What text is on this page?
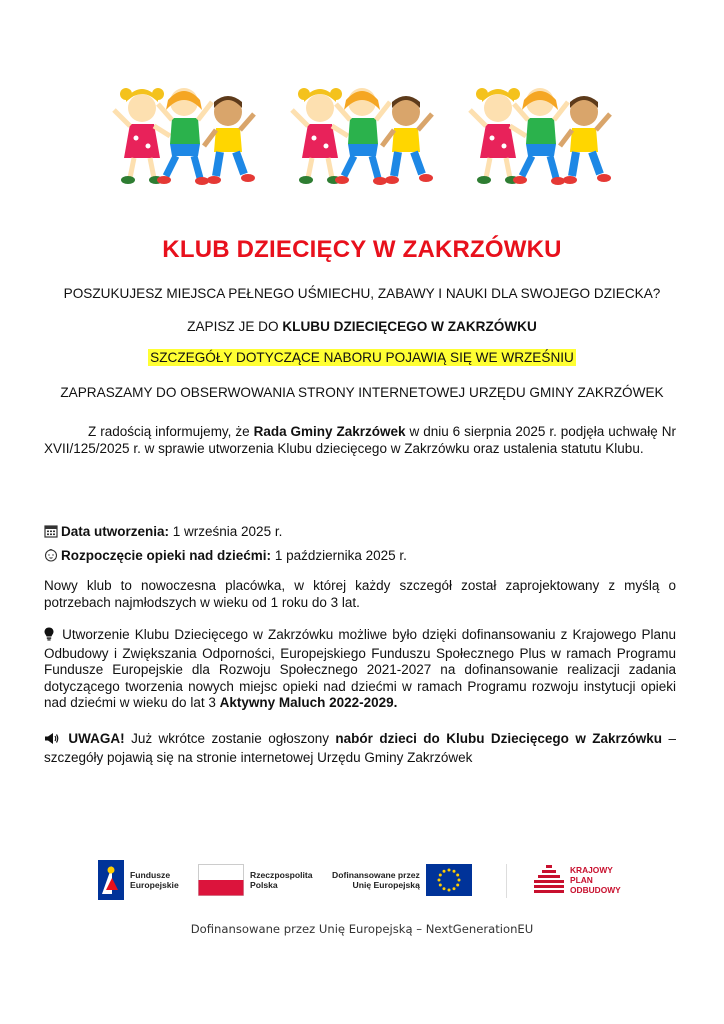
KLUB DZIECIĘCY W ZAKRZÓWKU
POSZUKUJESZ MIEJSCA PEŁNEGO UŚMIECHU, ZABAWY I NAUKI DLA SWOJEGO DZIECKA?
ZAPISZ JE DO KLUBU DZIECIĘCEGO W ZAKRZÓWKU
SZCZEGÓŁY DOTYCZĄCE NABORU POJAWIĄ SIĘ WE WRZEŚNIU
ZAPRASZAMY DO OBSERWOWANIA STRONY INTERNETOWEJ URZĘDU GMINY ZAKRZÓWEK
Z radością informujemy, że Rada Gminy Zakrzówek w dniu 6 sierpnia 2025 r. podjęła uchwałę Nr XVII/125/2025 r. w sprawie utworzenia Klubu dziecięcego w Zakrzówku oraz ustalenia statutu Klubu.
Data utworzenia: 1 września 2025 r.
Rozpoczęcie opieki nad dziećmi: 1 października 2025 r.
Nowy klub to nowoczesna placówka, w której każdy szczegół został zaprojektowany z myślą o potrzebach najmłodszych w wieku od 1 roku do 3 lat.
Utworzenie Klubu Dziecięcego w Zakrzówku możliwe było dzięki dofinansowaniu z Krajowego Planu Odbudowy i Zwiększania Odporności, Europejskiego Funduszu Społecznego Plus w ramach Programu Fundusze Europejskie dla Rozwoju Społecznego 2021-2027 na dofinansowanie realizacji zadania dotyczącego tworzenia nowych miejsc opieki nad dziećmi w ramach Programu rozwoju instytucji opieki nad dziećmi w wieku do lat 3 Aktywny Maluch 2022-2029.
UWAGA! Już wkrótce zostanie ogłoszony nabór dzieci do Klubu Dziecięcego w Zakrzówku – szczegóły pojawią się na stronie internetowej Urzędu Gminy Zakrzówek
Fundusze
Europejskie
Rzeczpospolita
Polska
Dofinansowane przez
Unię Europejską
KRAJOWY
PLAN
ODBUDOWY
Dofinansowane przez Unię Europejską – NextGenerationEU
